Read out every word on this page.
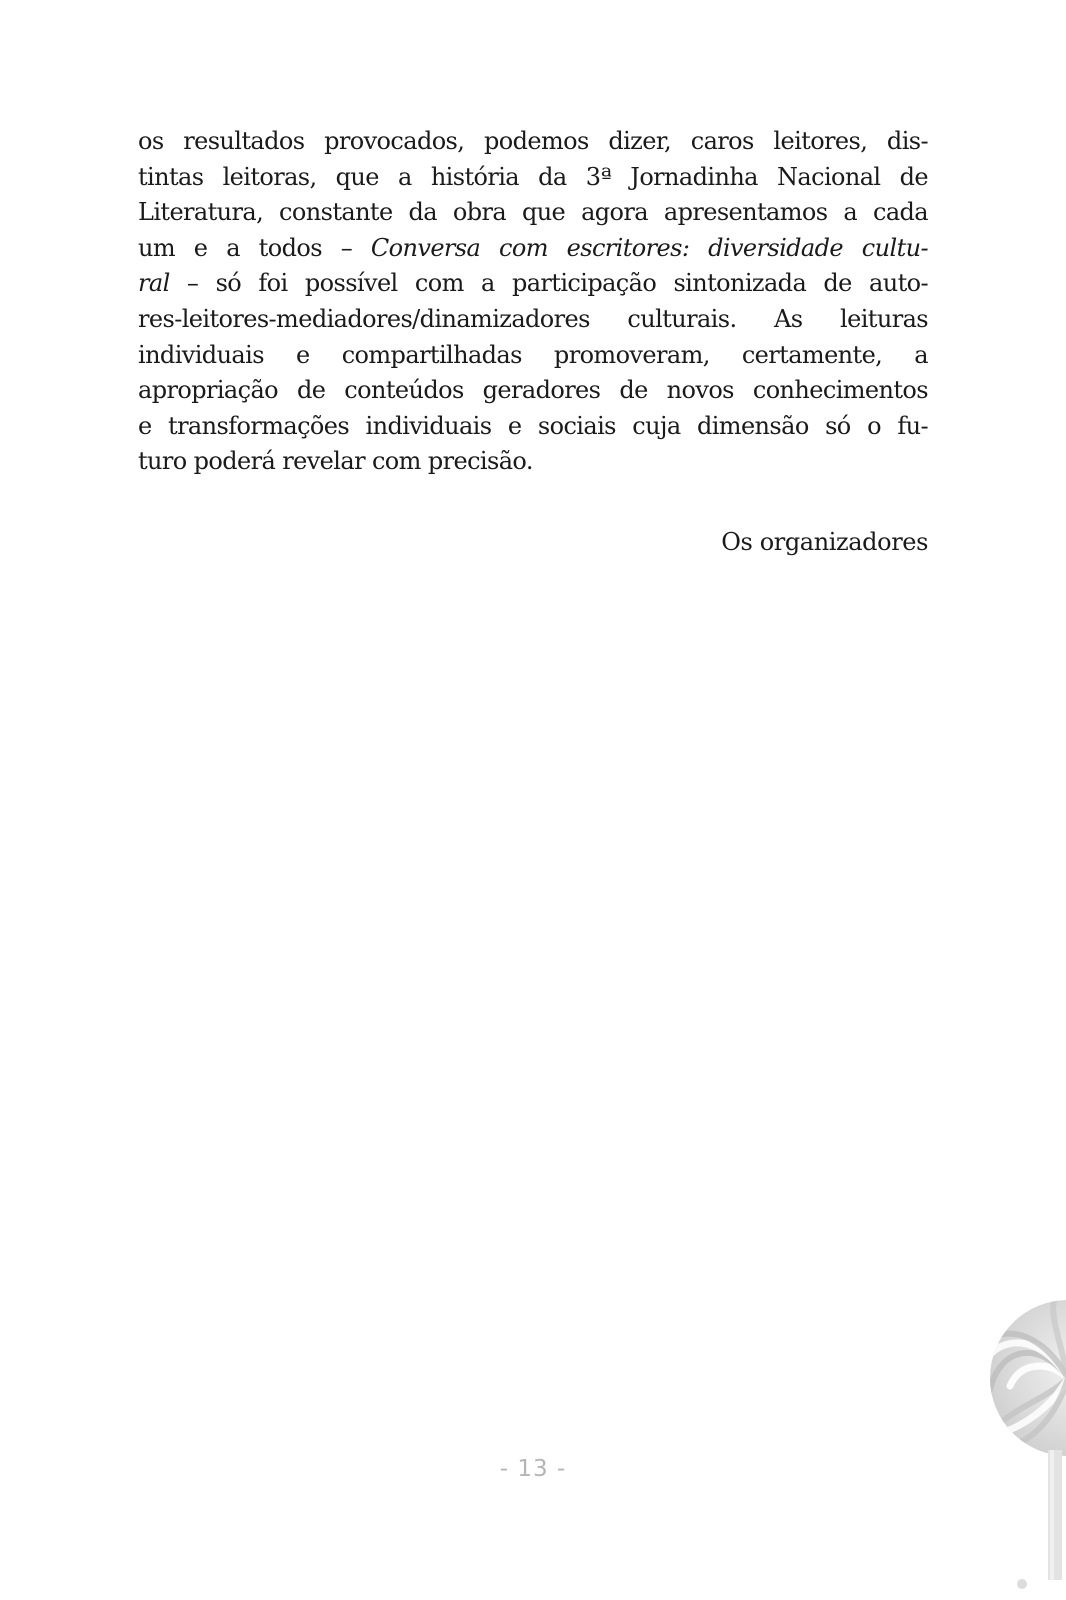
os resultados provocados, podemos dizer, caros leitores, dis-
tintas leitoras, que a história da 3ª Jornadinha Nacional de
Literatura, constante da obra que agora apresentamos a cada
um e a todos – Conversa com escritores: diversidade cultu-
ral – só foi possível com a participação sintonizada de auto-
res-leitores-mediadores/dinamizadores culturais. As leituras
individuais e compartilhadas promoveram, certamente, a
apropriação de conteúdos geradores de novos conhecimentos
e transformações individuais e sociais cuja dimensão só o fu-
turo poderá revelar com precisão.
Os organizadores
- 13 -
